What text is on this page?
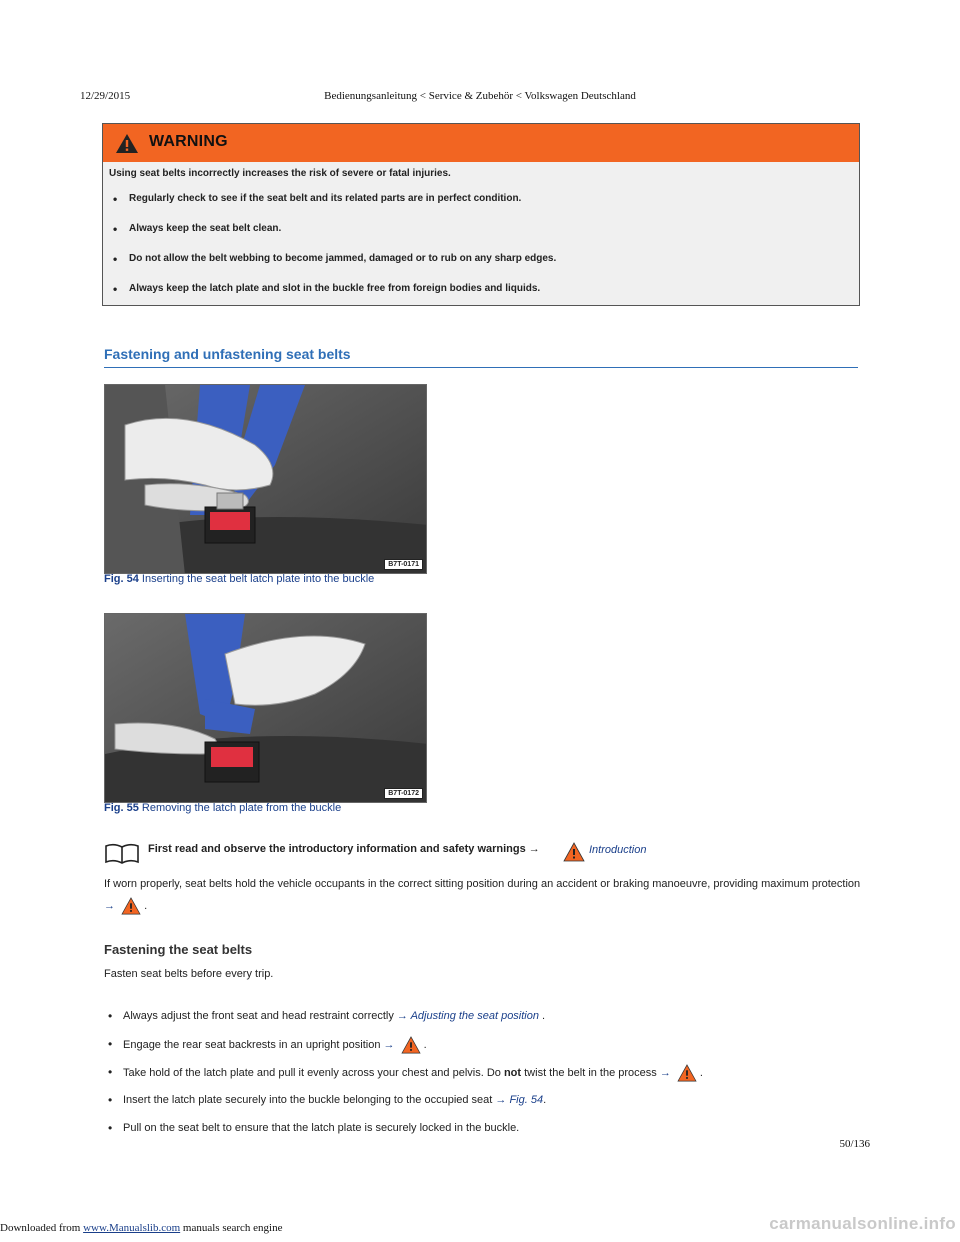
12/29/2015	Bedienungsanleitung < Service & Zubehör < Volkswagen Deutschland
WARNING
Using seat belts incorrectly increases the risk of severe or fatal injuries.
• Regularly check to see if the seat belt and its related parts are in perfect condition.
• Always keep the seat belt clean.
• Do not allow the belt webbing to become jammed, damaged or to rub on any sharp edges.
• Always keep the latch plate and slot in the buckle free from foreign bodies and liquids.
Fastening and unfastening seat belts
B7T-0171
Fig. 54 Inserting the seat belt latch plate into the buckle
B7T-0172
Fig. 55 Removing the latch plate from the buckle
First read and observe the introductory information and safety warnings →	Introduction
If worn properly, seat belts hold the vehicle occupants in the correct sitting position during an accident or braking manoeuvre, providing maximum protection →	.
Fastening the seat belts
Fasten seat belts before every trip.
• Always adjust the front seat and head restraint correctly → Adjusting the seat position .
• Engage the rear seat backrests in an upright position →	.
• Take hold of the latch plate and pull it evenly across your chest and pelvis. Do not twist the belt in the process →	.
• Insert the latch plate securely into the buckle belonging to the occupied seat → Fig. 54.
• Pull on the seat belt to ensure that the latch plate is securely locked in the buckle.
50/136
Downloaded from www.Manualslib.com manuals search engine	carmanualsonline.info
